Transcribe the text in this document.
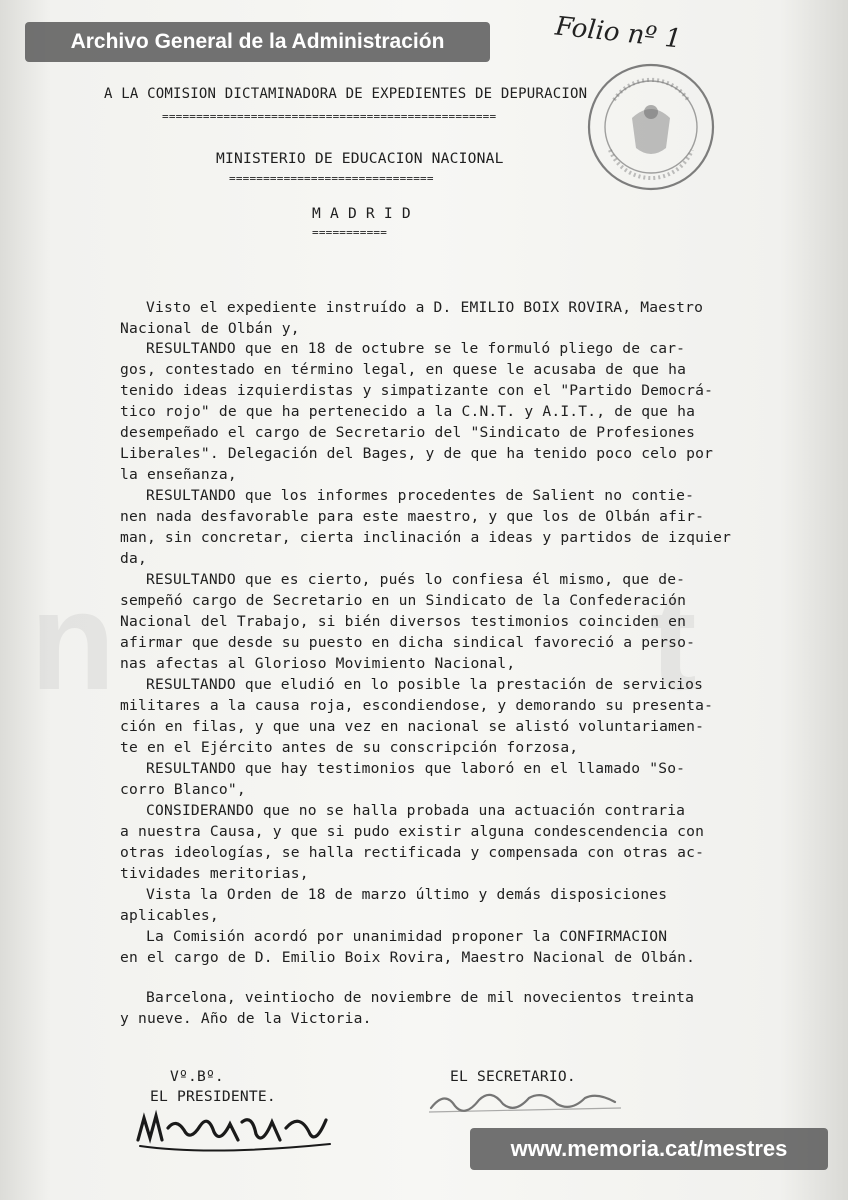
n	t
Archivo General de la Administración	Folio nº 1
A LA COMISION DICTAMINADORA DE EXPEDIENTES DE DEPURACION
=================================================
MINISTERIO DE EDUCACION NACIONAL
==============================
M A D R I D
===========
Visto el expediente instruído a D. EMILIO BOIX ROVIRA, Maestro
Nacional de Olbán y,
RESULTANDO que en 18 de octubre se le formuló pliego de car-
gos, contestado en término legal, en quese le acusaba de que ha
tenido ideas izquierdistas y simpatizante con el "Partido Democrá-
tico rojo" de que ha pertenecido a la C.N.T. y A.I.T., de que ha
desempeñado el cargo de Secretario del "Sindicato de Profesiones
Liberales". Delegación del Bages, y de que ha tenido poco celo por
la enseñanza,
RESULTANDO que los informes procedentes de Salient no contie-
nen nada desfavorable para este maestro, y que los de Olbán afir-
man, sin concretar, cierta inclinación a ideas y partidos de izquier
da,
RESULTANDO que es cierto, pués lo confiesa él mismo, que de-
sempeñó cargo de Secretario en un Sindicato de la Confederación
Nacional del Trabajo, si bién diversos testimonios coinciden en
afirmar que desde su puesto en dicha sindical favoreció a perso-
nas afectas al Glorioso Movimiento Nacional,
RESULTANDO que eludió en lo posible la prestación de servicios
militares a la causa roja, escondiendose, y demorando su presenta-
ción en filas, y que una vez en nacional se alistó voluntariamen-
te en el Ejército antes de su conscripción forzosa,
RESULTANDO que hay testimonios que laboró en el llamado "So-
corro Blanco",
CONSIDERANDO que no se halla probada una actuación contraria
a nuestra Causa, y que si pudo existir alguna condescendencia con
otras ideologías, se halla rectificada y compensada con otras ac-
tividades meritorias,
Vista la Orden de 18 de marzo último y demás disposiciones
aplicables,
La Comisión acordó por unanimidad proponer la CONFIRMACION
en el cargo de D. Emilio Boix Rovira, Maestro Nacional de Olbán.
Barcelona, veintiocho de noviembre de mil novecientos treinta
y nueve. Año de la Victoria.
Vº.Bº.
EL PRESIDENTE.
EL SECRETARIO.
www.memoria.cat/mestres
